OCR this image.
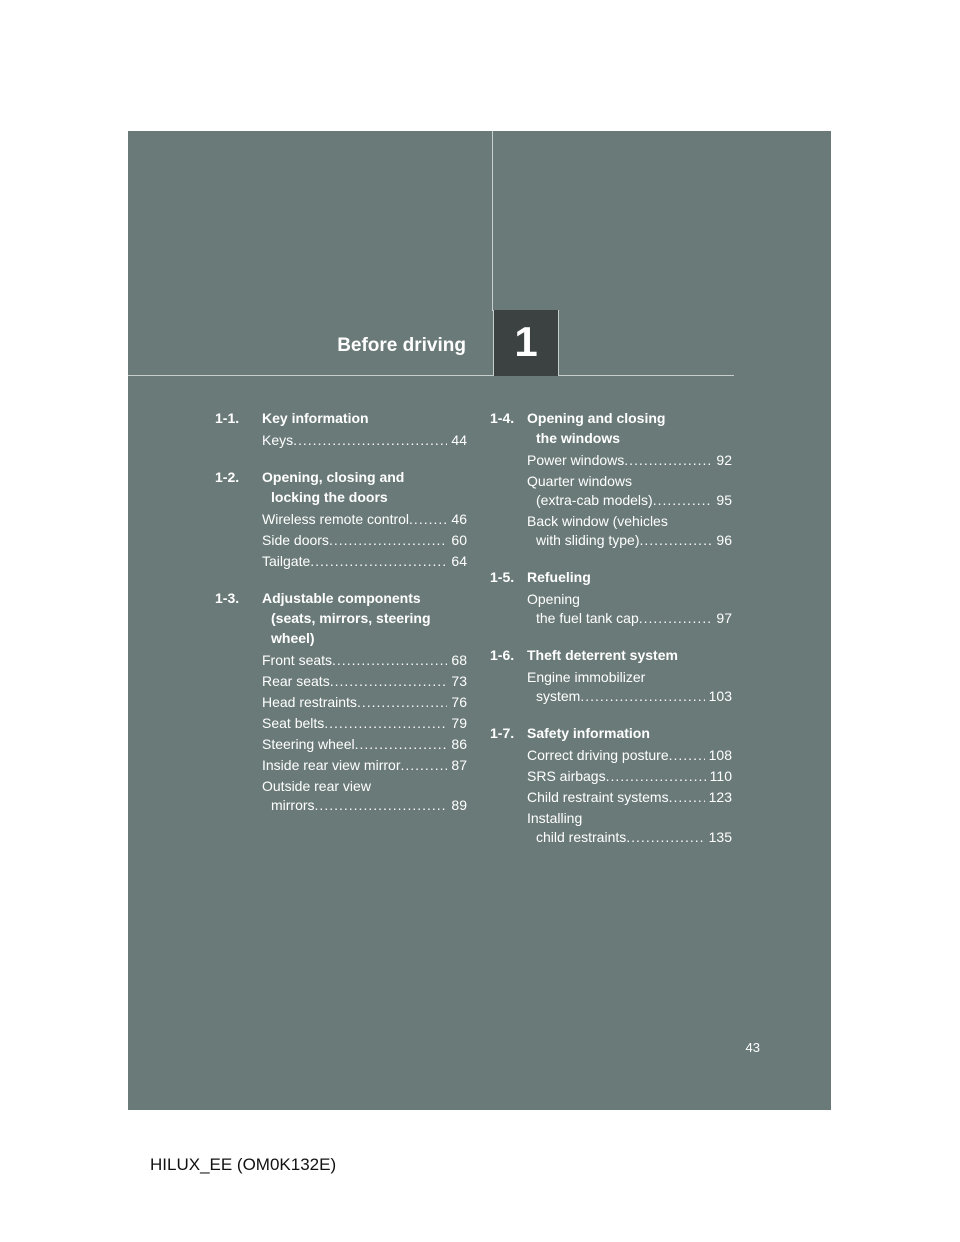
Before driving	1
1-1.	Key information
Keys .....	44
1-2.	Opening, closing and
locking the doors
Wireless remote control .....	46
Side doors .....	60
Tailgate .....	64
1-3.	Adjustable components
(seats, mirrors, steering
wheel)
Front seats .....	68
Rear seats .....	73
Head restraints .....	76
Seat belts .....	79
Steering wheel .....	86
Inside rear view mirror .....	87
Outside rear view
mirrors .....	89
1-4. Opening and closing
the windows
Power windows .....	92
Quarter windows
(extra-cab models) .....	95
Back window (vehicles
with sliding type) .....	96
1-5. Refueling
Opening
the fuel tank cap .....	97
1-6. Theft deterrent system
Engine immobilizer
system .....	103
1-7. Safety information
Correct driving posture .....	108
SRS airbags .....	110
Child restraint systems .....	123
Installing
child restraints .....	135
43
HILUX_EE (OM0K132E)
